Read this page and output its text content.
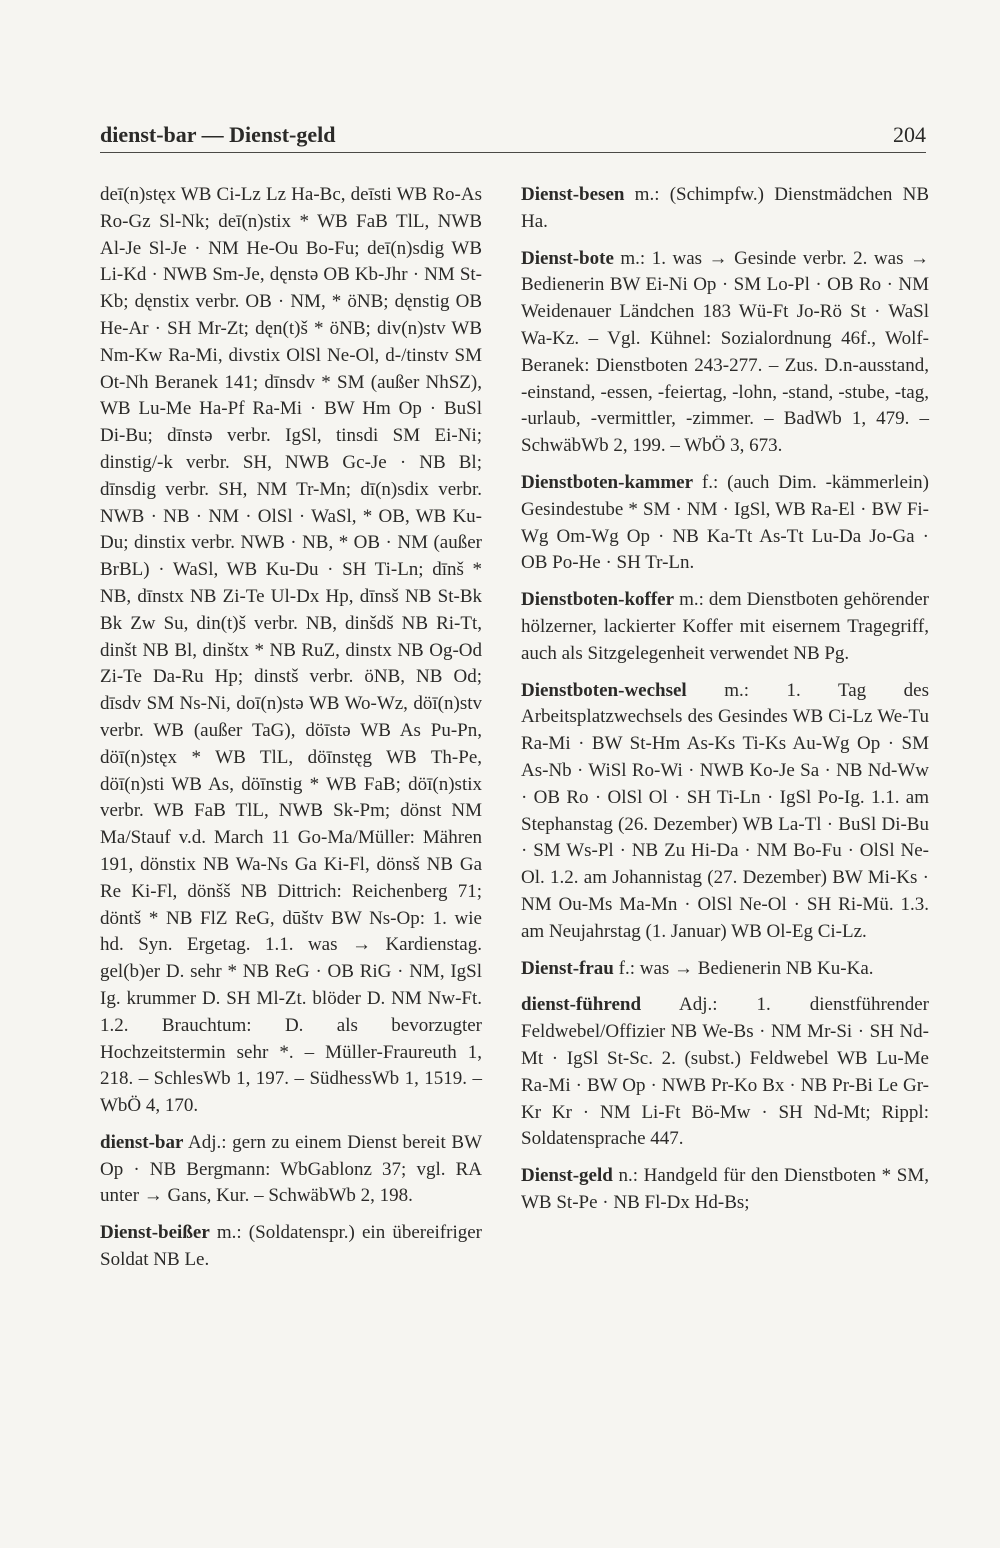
dienst-bar — Dienst-geld	204

deī(n)stęx WB Ci-Lz Lz Ha-Bc, deīsti WB Ro-As Ro-Gz Sl-Nk; deī(n)stix * WB FaB TlL, NWB Al-Je Sl-Je · NM He-Ou Bo-Fu; deī(n)sdig WB Li-Kd · NWB Sm-Je, dęnstə OB Kb-Jhr · NM St-Kb; dęnstix verbr. OB · NM, * öNB; dęnstig OB He-Ar · SH Mr-Zt; dęn(t)š * öNB; div(n)stv WB Nm-Kw Ra-Mi, divstix OlSl Ne-Ol, d-/tinstv SM Ot-Nh Beranek 141; dīnsdv * SM (außer NhSZ), WB Lu-Me Ha-Pf Ra-Mi · BW Hm Op · BuSl Di-Bu; dīnstə verbr. IgSl, tinsdi SM Ei-Ni; dinstig/-k verbr. SH, NWB Gc-Je · NB Bl; dīnsdig verbr. SH, NM Tr-Mn; dī(n)sdix verbr. NWB · NB · NM · OlSl · WaSl, * OB, WB Ku-Du; dinstix verbr. NWB · NB, * OB · NM (außer BrBL) · WaSl, WB Ku-Du · SH Ti-Ln; dīnš * NB, dīnstx NB Zi-Te Ul-Dx Hp, dīnsš NB St-Bk Bk Zw Su, din(t)š verbr. NB, dinšdš NB Ri-Tt, dinšt NB Bl, dinštx * NB RuZ, dinstx NB Og-Od Zi-Te Da-Ru Hp; dinstš verbr. öNB, NB Od; dīsdv SM Ns-Ni, doī(n)stə WB Wo-Wz, döī(n)stv verbr. WB (außer TaG), döīstə WB As Pu-Pn, döī(n)stęx * WB TlL, döīnstęg WB Th-Pe, döī(n)sti WB As, döīnstig * WB FaB; döī(n)stix verbr. WB FaB TlL, NWB Sk-Pm; dönst NM Ma/Stauf v.d. March 11 Go-Ma/Müller: Mähren 191, dönstix NB Wa-Ns Ga Ki-Fl, dönsš NB Ga Re Ki-Fl, dönšš NB Dittrich: Reichenberg 71; döntš * NB FlZ ReG, dūštv BW Ns-Op: 1. wie hd. Syn. Ergetag. 1.1. was → Kardienstag. gel(b)er D. sehr * NB ReG · OB RiG · NM, IgSl Ig. krummer D. SH Ml-Zt. blöder D. NM Nw-Ft. 1.2. Brauchtum: D. als bevorzugter Hochzeitstermin sehr *. – Müller-Fraureuth 1, 218. – SchlesWb 1, 197. – SüdhessWb 1, 1519. – WbÖ 4, 170.

dienst-bar Adj.: gern zu einem Dienst bereit BW Op · NB Bergmann: WbGablonz 37; vgl. RA unter → Gans, Kur. – SchwäbWb 2, 198.

Dienst-beißer m.: (Soldatenspr.) ein übereifriger Soldat NB Le.

Dienst-besen m.: (Schimpfw.) Dienstmädchen NB Ha.

Dienst-bote m.: 1. was → Gesinde verbr. 2. was → Bedienerin BW Ei-Ni Op · SM Lo-Pl · OB Ro · NM Weidenauer Ländchen 183 Wü-Ft Jo-Rö St · WaSl Wa-Kz. – Vgl. Kühnel: Sozialordnung 46f., Wolf-Beranek: Dienstboten 243-277. – Zus. D.n-ausstand, -einstand, -essen, -feiertag, -lohn, -stand, -stube, -tag, -urlaub, -vermittler, -zimmer. – BadWb 1, 479. – SchwäbWb 2, 199. – WbÖ 3, 673.

Dienstboten-kammer f.: (auch Dim. -kämmerlein) Gesindestube * SM · NM · IgSl, WB Ra-El · BW Fi-Wg Om-Wg Op · NB Ka-Tt As-Tt Lu-Da Jo-Ga · OB Po-He · SH Tr-Ln.

Dienstboten-koffer m.: dem Dienstboten gehörender hölzerner, lackierter Koffer mit eisernem Tragegriff, auch als Sitzgelegenheit verwendet NB Pg.

Dienstboten-wechsel m.: 1. Tag des Arbeitsplatzwechsels des Gesindes WB Ci-Lz We-Tu Ra-Mi · BW St-Hm As-Ks Ti-Ks Au-Wg Op · SM As-Nb · WiSl Ro-Wi · NWB Ko-Je Sa · NB Nd-Ww · OB Ro · OlSl Ol · SH Ti-Ln · IgSl Po-Ig. 1.1. am Stephanstag (26. Dezember) WB La-Tl · BuSl Di-Bu · SM Ws-Pl · NB Zu Hi-Da · NM Bo-Fu · OlSl Ne-Ol. 1.2. am Johannistag (27. Dezember) BW Mi-Ks · NM Ou-Ms Ma-Mn · OlSl Ne-Ol · SH Ri-Mü. 1.3. am Neujahrstag (1. Januar) WB Ol-Eg Ci-Lz.

Dienst-frau f.: was → Bedienerin NB Ku-Ka.

dienst-führend Adj.: 1. dienstführender Feldwebel/Offizier NB We-Bs · NM Mr-Si · SH Nd-Mt · IgSl St-Sc. 2. (subst.) Feldwebel WB Lu-Me Ra-Mi · BW Op · NWB Pr-Ko Bx · NB Pr-Bi Le Gr-Kr Kr · NM Li-Ft Bö-Mw · SH Nd-Mt; Rippl: Soldatensprache 447.

Dienst-geld n.: Handgeld für den Dienstboten * SM, WB St-Pe · NB Fl-Dx Hd-Bs;
